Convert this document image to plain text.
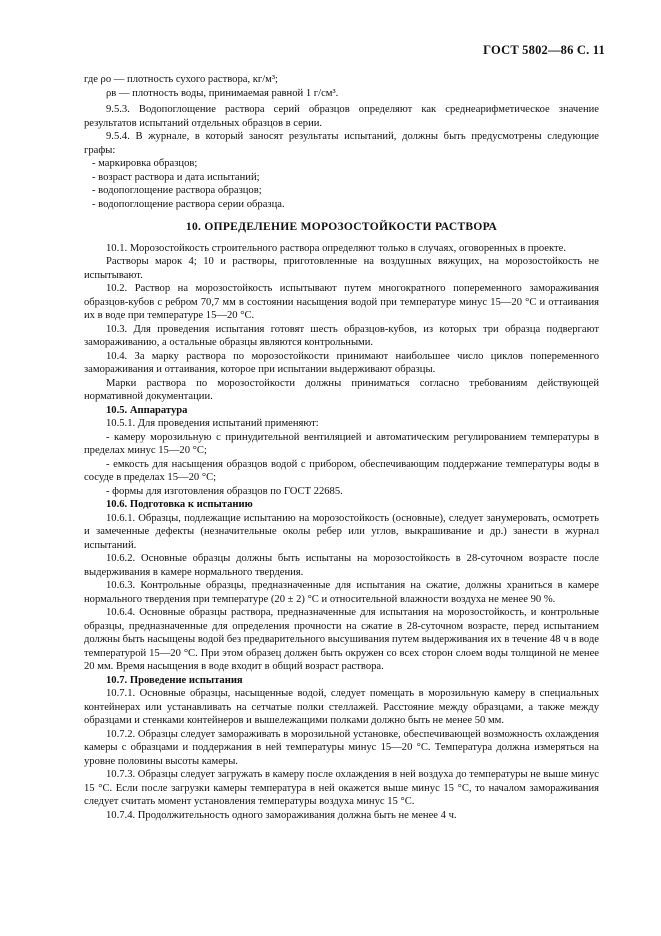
ГОСТ 5802—86 С. 11

где ρо — плотность сухого раствора, кг/м³;

ρв — плотность воды, принимаемая равной 1 г/см³.

9.5.3. Водопоглощение раствора серий образцов определяют как среднеарифметическое значение результатов испытаний отдельных образцов в серии.

9.5.4. В журнале, в который заносят результаты испытаний, должны быть предусмотрены следующие графы:

- маркировка образцов;

- возраст раствора и дата испытаний;

- водопоглощение раствора образцов;

- водопоглощение раствора серии образца.

10. ОПРЕДЕЛЕНИЕ МОРОЗОСТОЙКОСТИ РАСТВОРА

10.1. Морозостойкость строительного раствора определяют только в случаях, оговоренных в проекте.

Растворы марок 4; 10 и растворы, приготовленные на воздушных вяжущих, на морозостойкость не испытывают.

10.2. Раствор на морозостойкость испытывают путем многократного попеременного замораживания образцов-кубов с ребром 70,7 мм в состоянии насыщения водой при температуре минус 15—20 °С и оттаивания их в воде при температуре 15—20 °С.

10.3. Для проведения испытания готовят шесть образцов-кубов, из которых три образца подвергают замораживанию, а остальные образцы являются контрольными.

10.4. За марку раствора по морозостойкости принимают наибольшее число циклов попеременного замораживания и оттаивания, которое при испытании выдерживают образцы.

Марки раствора по морозостойкости должны приниматься согласно требованиям действующей нормативной документации.

10.5. Аппаратура

10.5.1. Для проведения испытаний применяют:

- камеру морозильную с принудительной вентиляцией и автоматическим регулированием температуры в пределах минус 15—20 °С;

- емкость для насыщения образцов водой с прибором, обеспечивающим поддержание температуры воды в сосуде в пределах 15—20 °С;

- формы для изготовления образцов по ГОСТ 22685.

10.6. Подготовка к испытанию

10.6.1. Образцы, подлежащие испытанию на морозостойкость (основные), следует занумеровать, осмотреть и замеченные дефекты (незначительные околы ребер или углов, выкрашивание и др.) занести в журнал испытаний.

10.6.2. Основные образцы должны быть испытаны на морозостойкость в 28-суточном возрасте после выдерживания в камере нормального твердения.

10.6.3. Контрольные образцы, предназначенные для испытания на сжатие, должны храниться в камере нормального твердения при температуре (20 ± 2) °С и относительной влажности воздуха не менее 90 %.

10.6.4. Основные образцы раствора, предназначенные для испытания на морозостойкость, и контрольные образцы, предназначенные для определения прочности на сжатие в 28-суточном возрасте, перед испытанием должны быть насыщены водой без предварительного высушивания путем выдерживания их в течение 48 ч в воде температурой 15—20 °С. При этом образец должен быть окружен со всех сторон слоем воды толщиной не менее 20 мм. Время насыщения в воде входит в общий возраст раствора.

10.7. Проведение испытания

10.7.1. Основные образцы, насыщенные водой, следует помещать в морозильную камеру в специальных контейнерах или устанавливать на сетчатые полки стеллажей. Расстояние между образцами, а также между образцами и стенками контейнеров и вышележащими полками должно быть не менее 50 мм.

10.7.2. Образцы следует замораживать в морозильной установке, обеспечивающей возможность охлаждения камеры с образцами и поддержания в ней температуры минус 15—20 °С. Температура должна измеряться на уровне половины высоты камеры.

10.7.3. Образцы следует загружать в камеру после охлаждения в ней воздуха до температуры не выше минус 15 °С. Если после загрузки камеры температура в ней окажется выше минус 15 °С, то началом замораживания следует считать момент установления температуры воздуха минус 15 °С.

10.7.4. Продолжительность одного замораживания должна быть не менее 4 ч.
